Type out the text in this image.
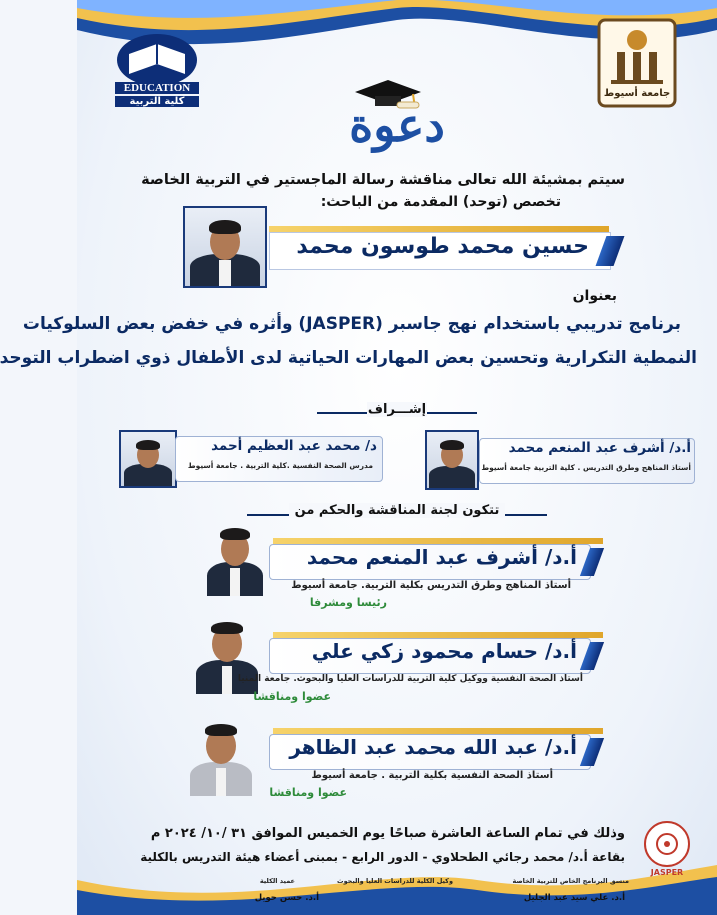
EDUCATION
كلية التربية
جامعة أسيوط
دعوة
سيتم بمشيئة الله تعالى مناقشة رسالة الماجستير في التربية الخاصة
تخصص (توحد) المقدمة من الباحث:
حسين محمد طوسون محمد
بعنوان
برنامج تدريبي باستخدام نهج جاسبر (JASPER) وأثره في خفض بعض السلوكيات
النمطية التكرارية وتحسين بعض المهارات الحياتية لدى الأطفال ذوي اضطراب التوحد
إشـــراف
أ.د/ أشرف عبد المنعم محمد
أستاذ المناهج وطرق التدريس . كلية التربية جامعة أسيوط
د/ محمد عبد العظيم أحمد
مدرس الصحة النفسية .كلية التربية . جامعة أسيوط
تتكون لجنة المناقشة والحكم من
أ.د/ أشرف عبد المنعم محمد
أستاذ المناهج وطرق التدريس بكلية التربية. جامعة أسيوط
رئيسا ومشرفا
أ.د/ حسام محمود زكي علي
أستاذ الصحة النفسية ووكيل كلية التربية للدراسات العليا والبحوث. جامعة المنيا
عضوا ومناقشا
أ.د/ عبد الله محمد عبد الظاهر
أستاذ الصحة النفسية بكلية التربية . جامعة أسيوط
عضوا ومناقشا
وذلك في تمام الساعة العاشرة صباحًا يوم الخميس الموافق ٣١ /١٠/ ٢٠٢٤ م
بقاعة أ.د/ محمد رجائي الطحلاوي - الدور الرابع - بمبنى أعضاء هيئة التدريس بالكلية
JASPER
منسق البرنامج الخاص للتربية الخاصة
أ.د. علي سيد عبد الجليل
وكيل الكلية للدراسات العليا والبحوث
عميد الكلية
أ.د. حسن حويل
